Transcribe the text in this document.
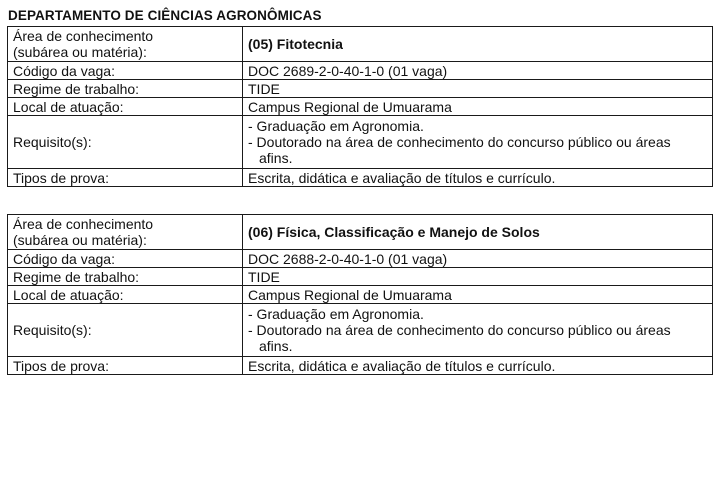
DEPARTAMENTO DE CIÊNCIAS AGRONÔMICAS
Área de conhecimento
(subárea ou matéria):	(05) Fitotecnia
Código da vaga:	DOC 2689-2-0-40-1-0 (01 vaga)
Regime de trabalho:	TIDE
Local de atuação:	Campus Regional de Umuarama
Requisito(s):	- Graduação em Agronomia.
- Doutorado na área de conhecimento do concurso público ou áreas afins.

Tipos de prova:	Escrita, didática e avaliação de títulos e currículo.
Área de conhecimento
(subárea ou matéria):	(06) Física, Classificação e Manejo de Solos
Código da vaga:	DOC 2688-2-0-40-1-0 (01 vaga)
Regime de trabalho:	TIDE
Local de atuação:	Campus Regional de Umuarama
Requisito(s):	- Graduação em Agronomia.
- Doutorado na área de conhecimento do concurso público ou áreas afins.

Tipos de prova:	Escrita, didática e avaliação de títulos e currículo.
